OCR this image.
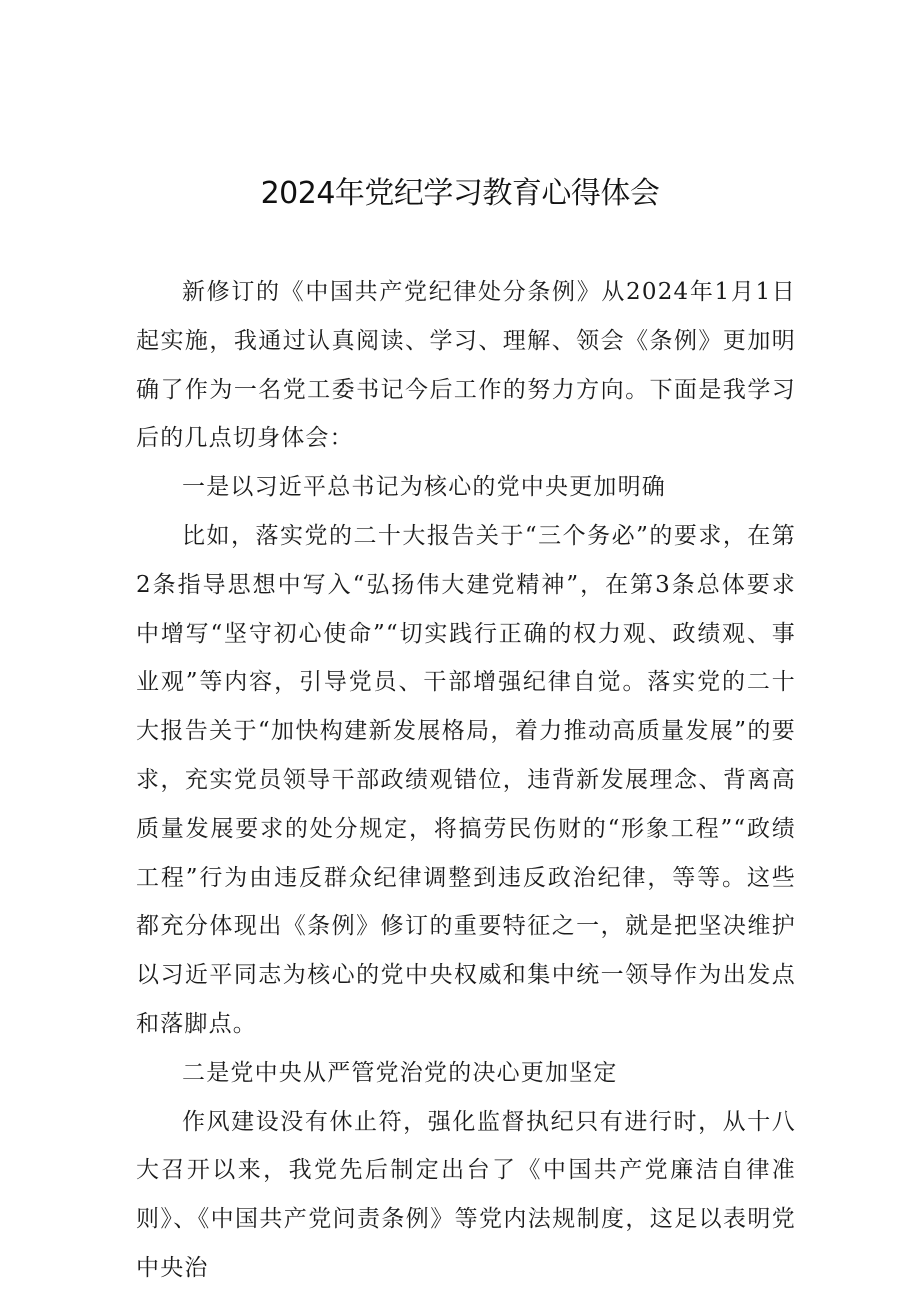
2024年党纪学习教育心得体会

新修订的《中国共产党纪律处分条例》从2024年1月1日起实施，我通过认真阅读、学习、理解、领会《条例》更加明确了作为一名党工委书记今后工作的努力方向。下面是我学习后的几点切身体会：

一是以习近平总书记为核心的党中央更加明确

比如，落实党的二十大报告关于“三个务必”的要求，在第2条指导思想中写入“弘扬伟大建党精神”，在第3条总体要求中增写“坚守初心使命”“切实践行正确的权力观、政绩观、事业观”等内容，引导党员、干部增强纪律自觉。落实党的二十大报告关于“加快构建新发展格局，着力推动高质量发展”的要求，充实党员领导干部政绩观错位，违背新发展理念、背离高质量发展要求的处分规定，将搞劳民伤财的“形象工程”“政绩工程”行为由违反群众纪律调整到违反政治纪律，等等。这些都充分体现出《条例》修订的重要特征之一，就是把坚决维护以习近平同志为核心的党中央权威和集中统一领导作为出发点和落脚点。

二是党中央从严管党治党的决心更加坚定

作风建设没有休止符，强化监督执纪只有进行时，从十八大召开以来，我党先后制定出台了《中国共产党廉洁自律准则》、《中国共产党问责条例》等党内法规制度，这足以表明党中央治
